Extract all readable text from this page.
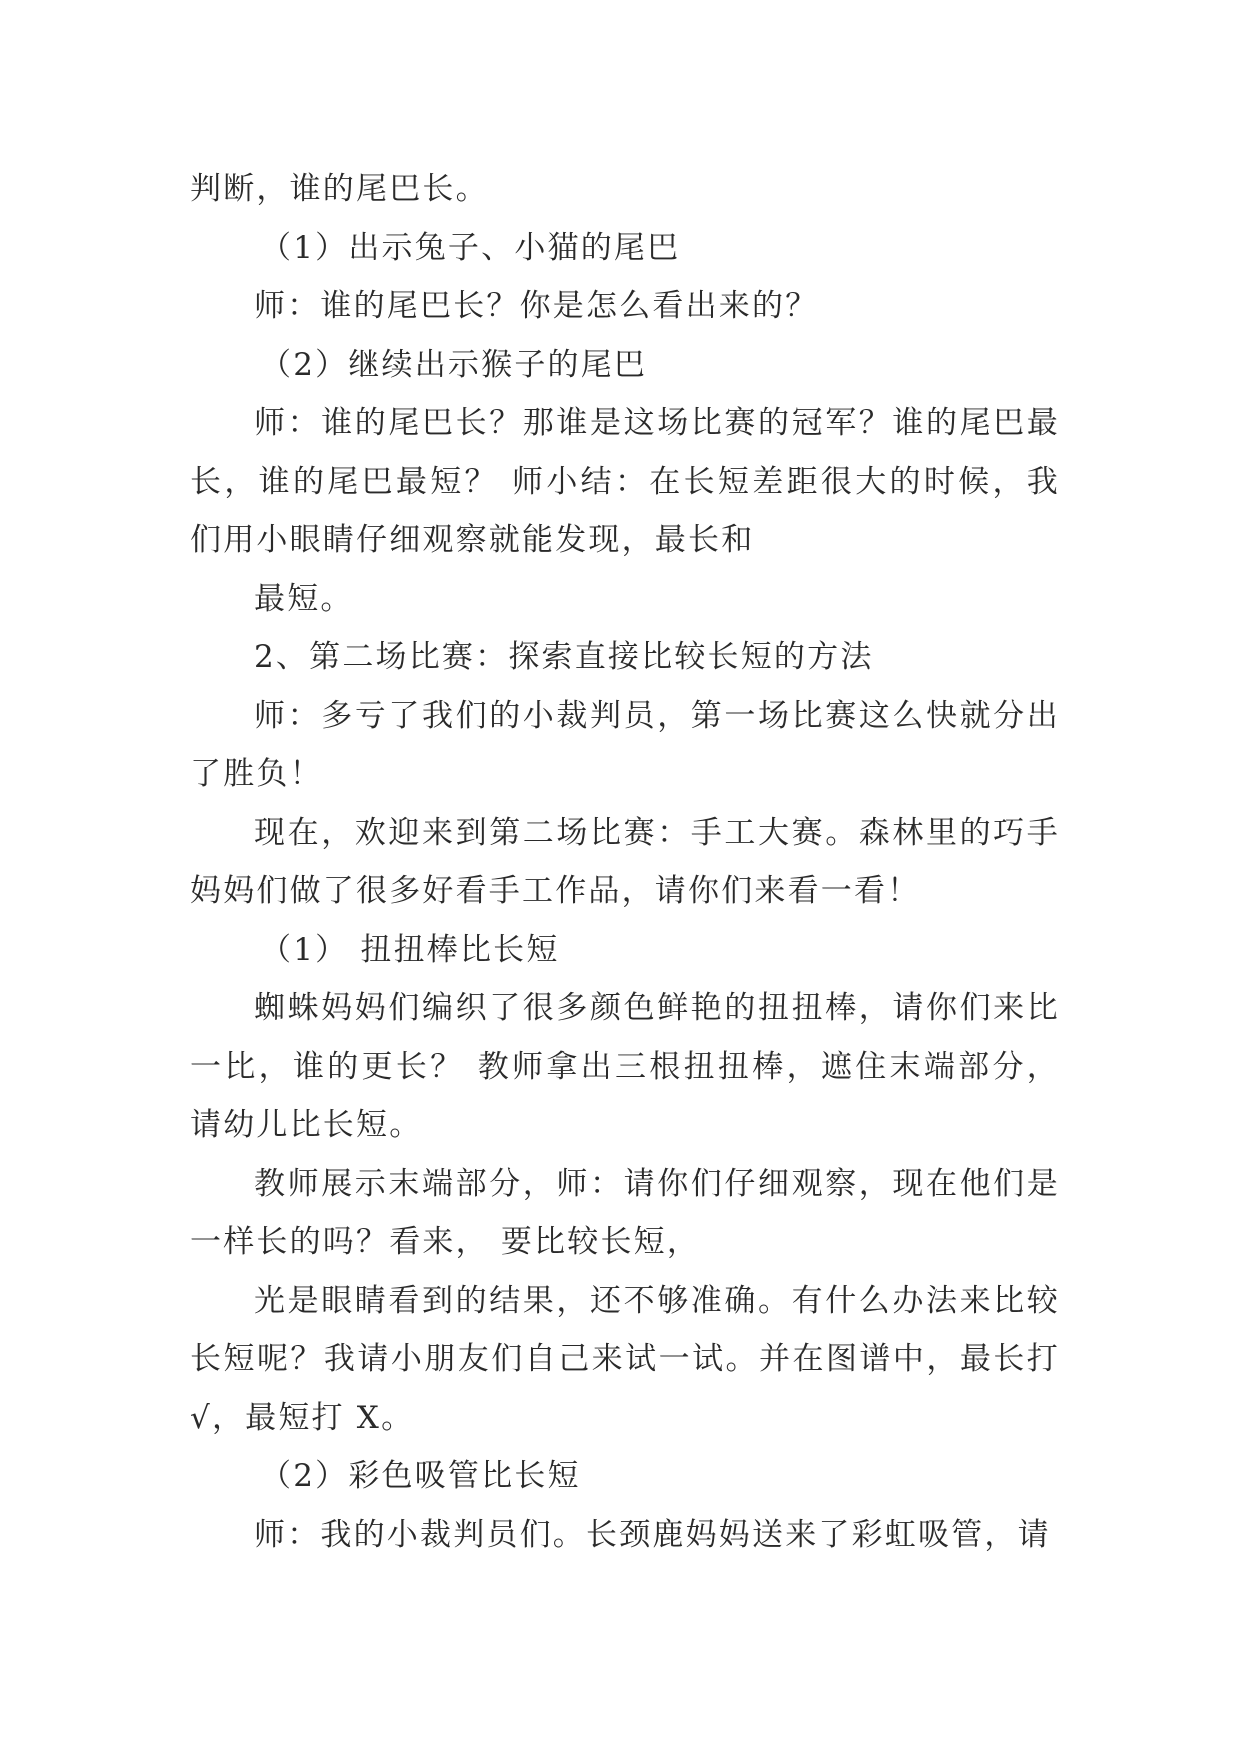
判断，谁的尾巴长。

（1）出示兔子、小猫的尾巴

师：谁的尾巴长？你是怎么看出来的？

（2）继续出示猴子的尾巴

师：谁的尾巴长？那谁是这场比赛的冠军？谁的尾巴最长，谁的尾巴最短？ 师小结：在长短差距很大的时候，我们用小眼睛仔细观察就能发现，最长和

最短。

2、第二场比赛：探索直接比较长短的方法

师：多亏了我们的小裁判员，第一场比赛这么快就分出了胜负！

现在，欢迎来到第二场比赛：手工大赛。森林里的巧手妈妈们做了很多好看手工作品，请你们来看一看！

（1） 扭扭棒比长短

蜘蛛妈妈们编织了很多颜色鲜艳的扭扭棒，请你们来比一比，谁的更长？ 教师拿出三根扭扭棒，遮住末端部分，请幼儿比长短。

教师展示末端部分，师：请你们仔细观察，现在他们是一样长的吗？看来， 要比较长短，

光是眼睛看到的结果，还不够准确。有什么办法来比较长短呢？我请小朋友们自己来试一试。并在图谱中，最长打√，最短打 X。

（2）彩色吸管比长短

师：我的小裁判员们。长颈鹿妈妈送来了彩虹吸管，请
